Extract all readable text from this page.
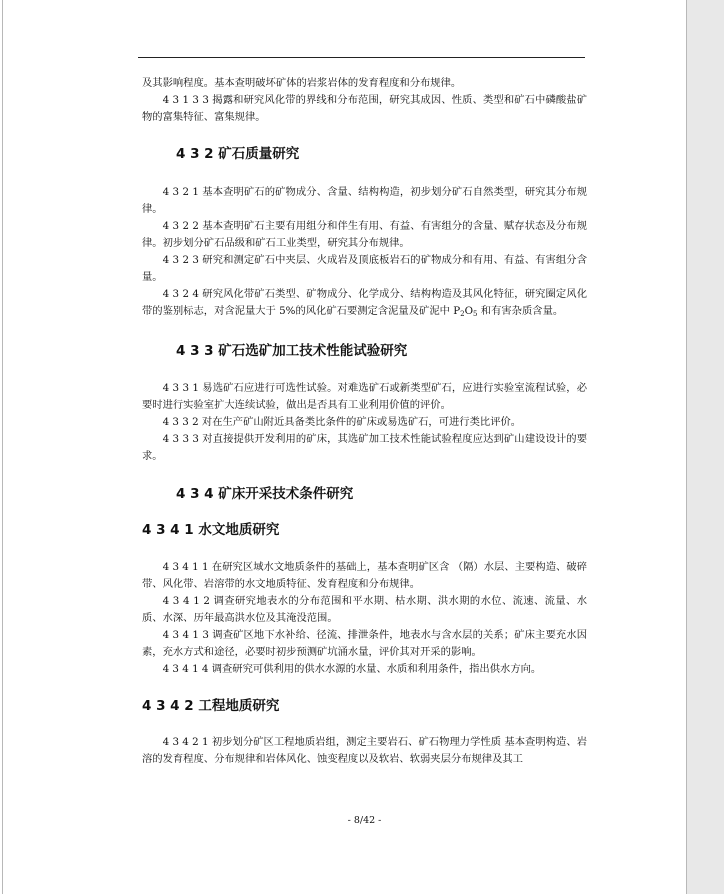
及其影响程度。基本查明破坏矿体的岩浆岩体的发育程度和分布规律。

4 3 1 3 3 揭露和研究风化带的界线和分布范围，研究其成因、性质、类型和矿石中磷酸盐矿物的富集特征、富集规律。

4 3 2 矿石质量研究

4 3 2 1 基本查明矿石的矿物成分、含量、结构构造，初步划分矿石自然类型，研究其分布规律。

4 3 2 2 基本查明矿石主要有用组分和伴生有用、有益、有害组分的含量、赋存状态及分布规律。初步划分矿石品级和矿石工业类型，研究其分布规律。

4 3 2 3 研究和测定矿石中夹层、火成岩及顶底板岩石的矿物成分和有用、有益、有害组分含量。

4 3 2 4 研究风化带矿石类型、矿物成分、化学成分、结构构造及其风化特征，研究圈定风化带的鉴别标志，对含泥量大于 5%的风化矿石要测定含泥量及矿泥中 $P_2O_5$ 和有害杂质含量。

4 3 3 矿石选矿加工技术性能试验研究

4 3 3 1 易选矿石应进行可选性试验。对难选矿石或新类型矿石，应进行实验室流程试验，必要时进行实验室扩大连续试验，做出是否具有工业利用价值的评价。

4 3 3 2 对在生产矿山附近具备类比条件的矿床或易选矿石，可进行类比评价。

4 3 3 3 对直接提供开发利用的矿床，其选矿加工技术性能试验程度应达到矿山建设设计的要求。

4 3 4 矿床开采技术条件研究

4 3 4 1 水文地质研究

4 3 4 1 1 在研究区域水文地质条件的基础上，基本查明矿区含 （隔）水层、主要构造、破碎带、风化带、岩溶带的水文地质特征、发育程度和分布规律。

4 3 4 1 2 调查研究地表水的分布范围和平水期、枯水期、洪水期的水位、流速、流量、水质、水深、历年最高洪水位及其淹没范围。

4 3 4 1 3 调查矿区地下水补给、径流、排泄条件，地表水与含水层的关系；矿床主要充水因素，充水方式和途径，必要时初步预测矿坑涌水量，评价其对开采的影响。

4 3 4 1 4 调查研究可供利用的供水水源的水量、水质和利用条件，指出供水方向。

4 3 4 2 工程地质研究

4 3 4 2 1 初步划分矿区工程地质岩组，测定主要岩石、矿石物理力学性质 基本查明构造、岩溶的发育程度、分布规律和岩体风化、蚀变程度以及软岩、软弱夹层分布规律及其工

- 8/42 -
